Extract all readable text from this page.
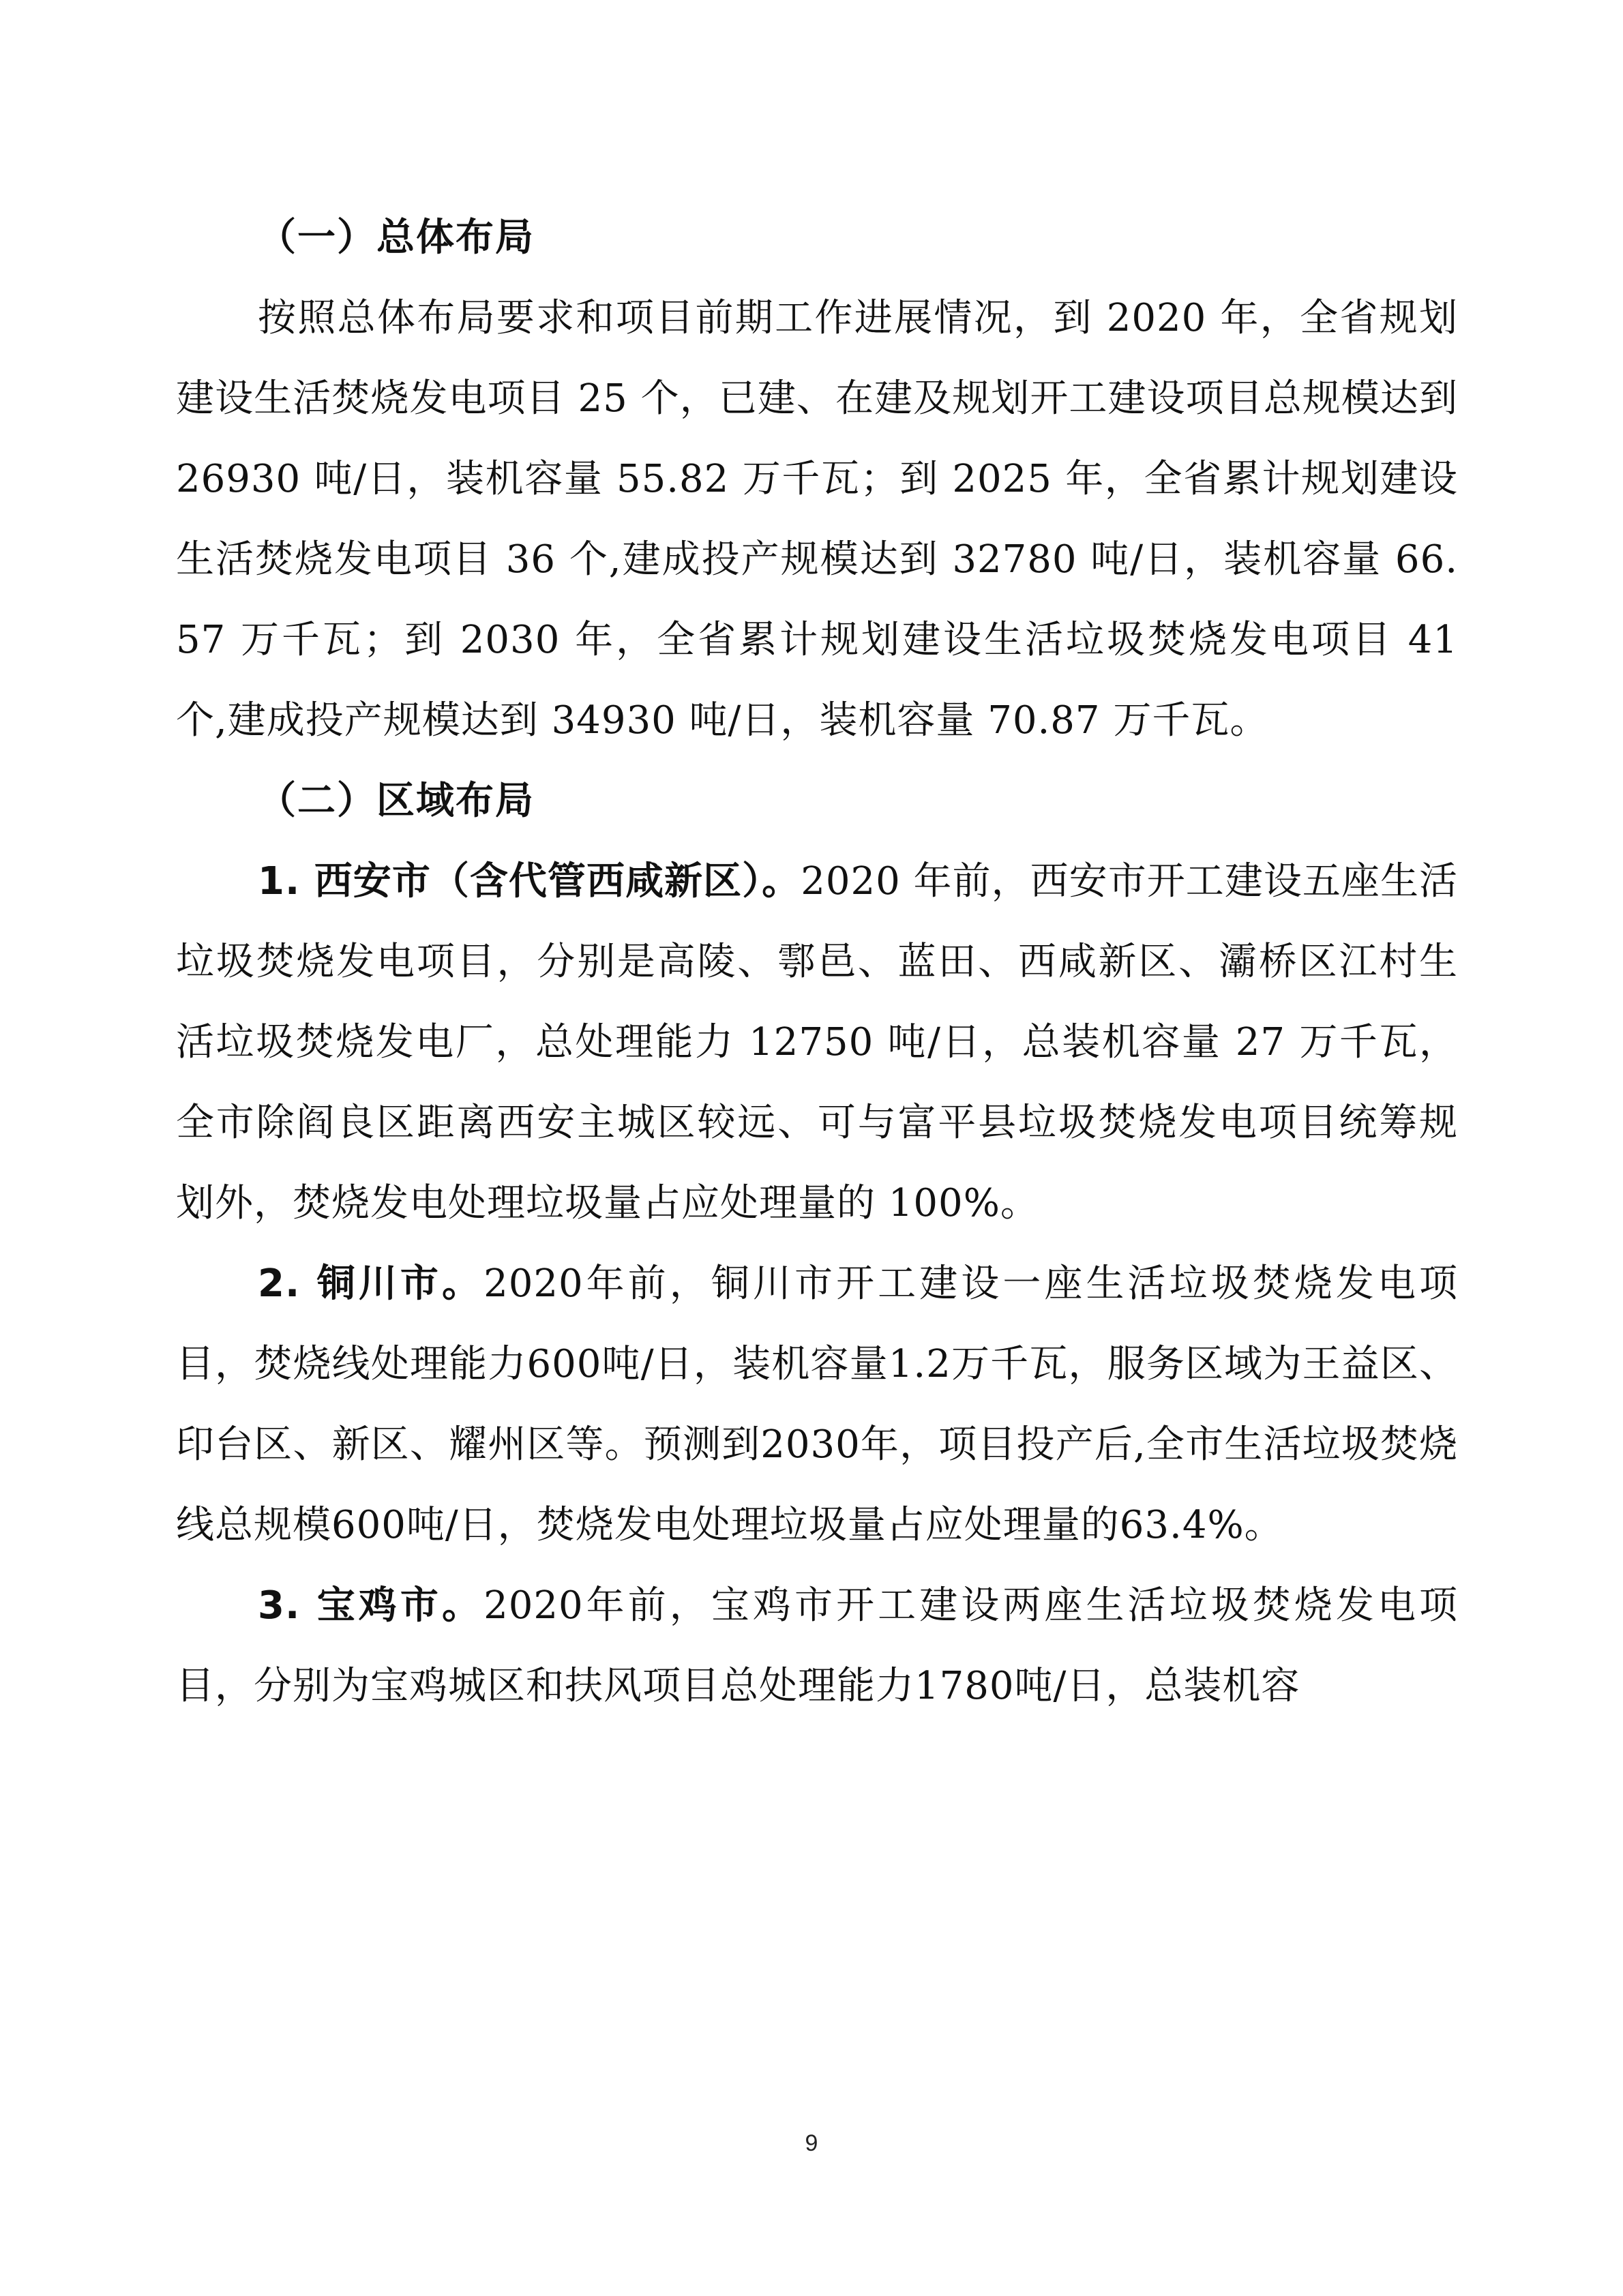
（一）总体布局

按照总体布局要求和项目前期工作进展情况，到 2020 年，全省规划建设生活焚烧发电项目 25 个，已建、在建及规划开工建设项目总规模达到 26930 吨/日，装机容量 55.82 万千瓦；到 2025 年，全省累计规划建设生活焚烧发电项目 36 个,建成投产规模达到 32780 吨/日，装机容量 66.57 万千瓦；到 2030 年，全省累计规划建设生活垃圾焚烧发电项目 41 个,建成投产规模达到 34930 吨/日，装机容量 70.87 万千瓦。

（二）区域布局

1. 西安市（含代管西咸新区）。2020 年前，西安市开工建设五座生活垃圾焚烧发电项目，分别是高陵、鄠邑、蓝田、西咸新区、灞桥区江村生活垃圾焚烧发电厂，总处理能力 12750 吨/日，总装机容量 27 万千瓦，全市除阎良区距离西安主城区较远、可与富平县垃圾焚烧发电项目统筹规划外，焚烧发电处理垃圾量占应处理量的 100%。

2. 铜川市。2020年前，铜川市开工建设一座生活垃圾焚烧发电项目，焚烧线处理能力600吨/日，装机容量1.2万千瓦，服务区域为王益区、印台区、新区、耀州区等。预测到2030年，项目投产后,全市生活垃圾焚烧线总规模600吨/日，焚烧发电处理垃圾量占应处理量的63.4%。

3. 宝鸡市。2020年前，宝鸡市开工建设两座生活垃圾焚烧发电项目，分别为宝鸡城区和扶风项目总处理能力1780吨/日，总装机容

9
